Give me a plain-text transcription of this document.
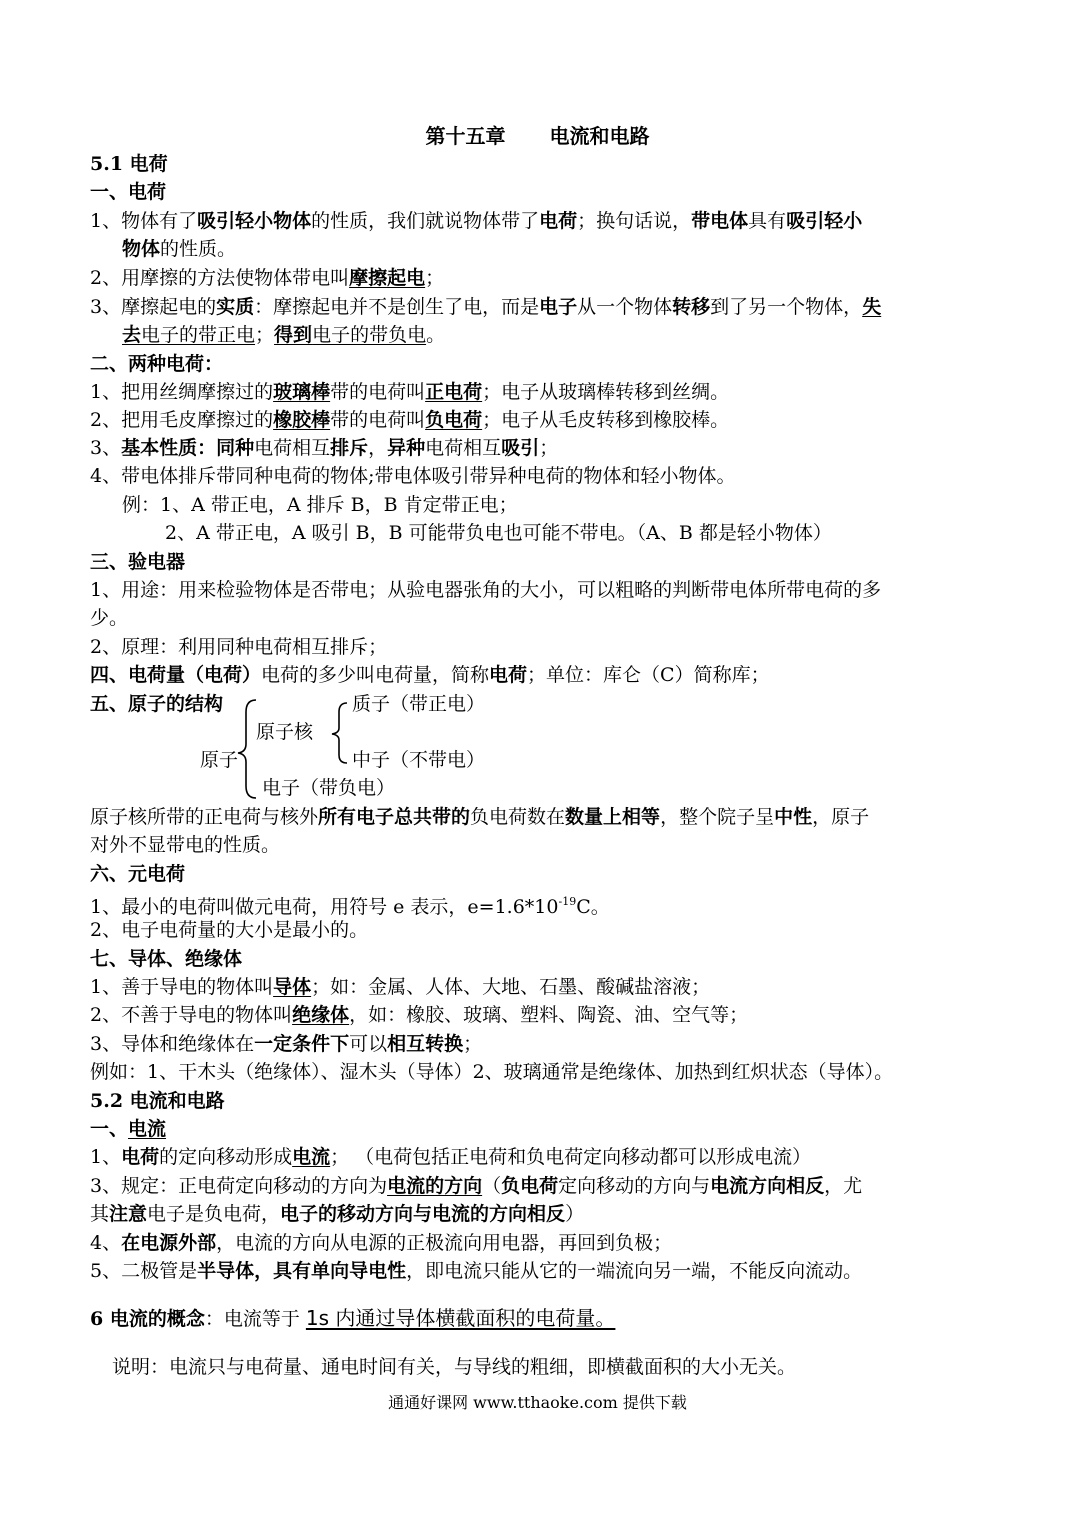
第十五章 电流和电路
5.1 电荷
一、电荷
1、物体有了吸引轻小物体的性质，我们就说物体带了电荷；换句话说，带电体具有吸引轻小
物体的性质。
2、用摩擦的方法使物体带电叫摩擦起电；
3、摩擦起电的实质：摩擦起电并不是创生了电，而是电子从一个物体转移到了另一个物体，失
去电子的带正电；得到电子的带负电。
二、两种电荷：
1、把用丝绸摩擦过的玻璃棒带的电荷叫正电荷；电子从玻璃棒转移到丝绸。
2、把用毛皮摩擦过的橡胶棒带的电荷叫负电荷；电子从毛皮转移到橡胶棒。
3、基本性质：同种电荷相互排斥，异种电荷相互吸引；
4、带电体排斥带同种电荷的物体;带电体吸引带异种电荷的物体和轻小物体。
例：1、A 带正电，A 排斥 B，B 肯定带正电；
2、A 带正电，A 吸引 B，B 可能带负电也可能不带电。（A、B 都是轻小物体）
三、验电器
1、用途：用来检验物体是否带电；从验电器张角的大小，可以粗略的判断带电体所带电荷的多
少。
2、原理：利用同种电荷相互排斥；
四、电荷量（电荷）电荷的多少叫电荷量，简称电荷；单位：库仑（C）简称库；
五、原子的结构	质子（带正电）
原子核
原子	中子（不带电）
电子（带负电）
原子核所带的正电荷与核外所有电子总共带的负电荷数在数量上相等，整个院子呈中性，原子
对外不显带电的性质。
六、元电荷
1、最小的电荷叫做元电荷，用符号 e 表示，$e=1.6*10^{-19}C$。
2、电子电荷量的大小是最小的。
七、导体、绝缘体
1、善于导电的物体叫导体；如：金属、人体、大地、石墨、酸碱盐溶液；
2、不善于导电的物体叫绝缘体，如：橡胶、玻璃、塑料、陶瓷、油、空气等；
3、导体和绝缘体在一定条件下可以相互转换；
例如：1、干木头（绝缘体）、湿木头（导体）2、玻璃通常是绝缘体、加热到红炽状态（导体）。
5.2 电流和电路
一、电流
1、电荷的定向移动形成电流； （电荷包括正电荷和负电荷定向移动都可以形成电流）
3、规定：正电荷定向移动的方向为电流的方向（负电荷定向移动的方向与电流方向相反，尤
其注意电子是负电荷，电子的移动方向与电流的方向相反）
4、在电源外部，电流的方向从电源的正极流向用电器，再回到负极；
5、二极管是半导体，具有单向导电性，即电流只能从它的一端流向另一端，不能反向流动。
6 电流的概念：电流等于 1s 内通过导体横截面积的电荷量。
说明：电流只与电荷量、通电时间有关，与导线的粗细，即横截面积的大小无关。
通通好课网 www.tthaoke.com 提供下载
